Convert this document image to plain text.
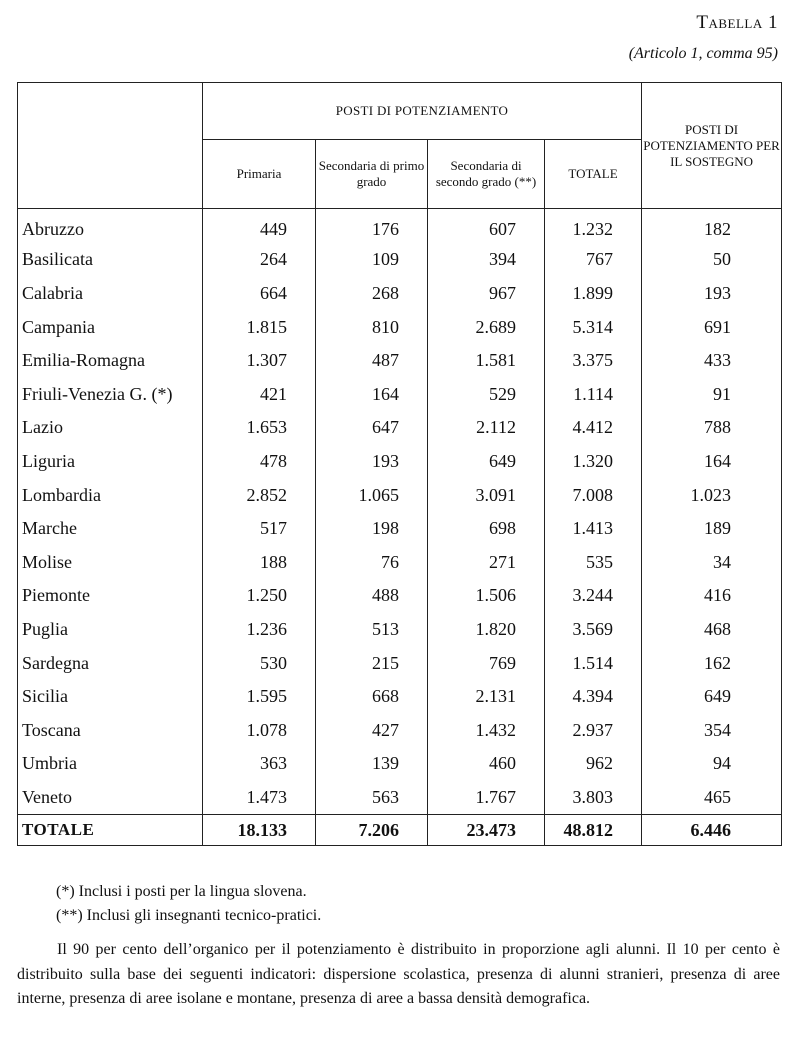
Tabella 1
(Articolo 1, comma 95)
	POSTI DI POTENZIAMENTO				POSTI DI POTENZIAMENTO PER IL SOSTEGNO
	Primaria	Secondaria di primo grado	Secondaria di secondo grado (**)	TOTALE	
Abruzzo	449	176	607	1.232	182
Basilicata	264	109	394	767	50
Calabria	664	268	967	1.899	193
Campania	1.815	810	2.689	5.314	691
Emilia-Romagna	1.307	487	1.581	3.375	433
Friuli-Venezia G. (*)	421	164	529	1.114	91
Lazio	1.653	647	2.112	4.412	788
Liguria	478	193	649	1.320	164
Lombardia	2.852	1.065	3.091	7.008	1.023
Marche	517	198	698	1.413	189
Molise	188	76	271	535	34
Piemonte	1.250	488	1.506	3.244	416
Puglia	1.236	513	1.820	3.569	468
Sardegna	530	215	769	1.514	162
Sicilia	1.595	668	2.131	4.394	649
Toscana	1.078	427	1.432	2.937	354
Umbria	363	139	460	962	94
Veneto	1.473	563	1.767	3.803	465
TOTALE	18.133	7.206	23.473	48.812	6.446
(*) Inclusi i posti per la lingua slovena.
(**) Inclusi gli insegnanti tecnico-pratici.
Il 90 per cento dell’organico per il potenziamento è distribuito in proporzione agli alunni. Il 10 per cento è distribuito sulla base dei seguenti indicatori: dispersione scolastica, presenza di alunni stranieri, presenza di aree interne, presenza di aree isolane e montane, presenza di aree a bassa densità demografica.
